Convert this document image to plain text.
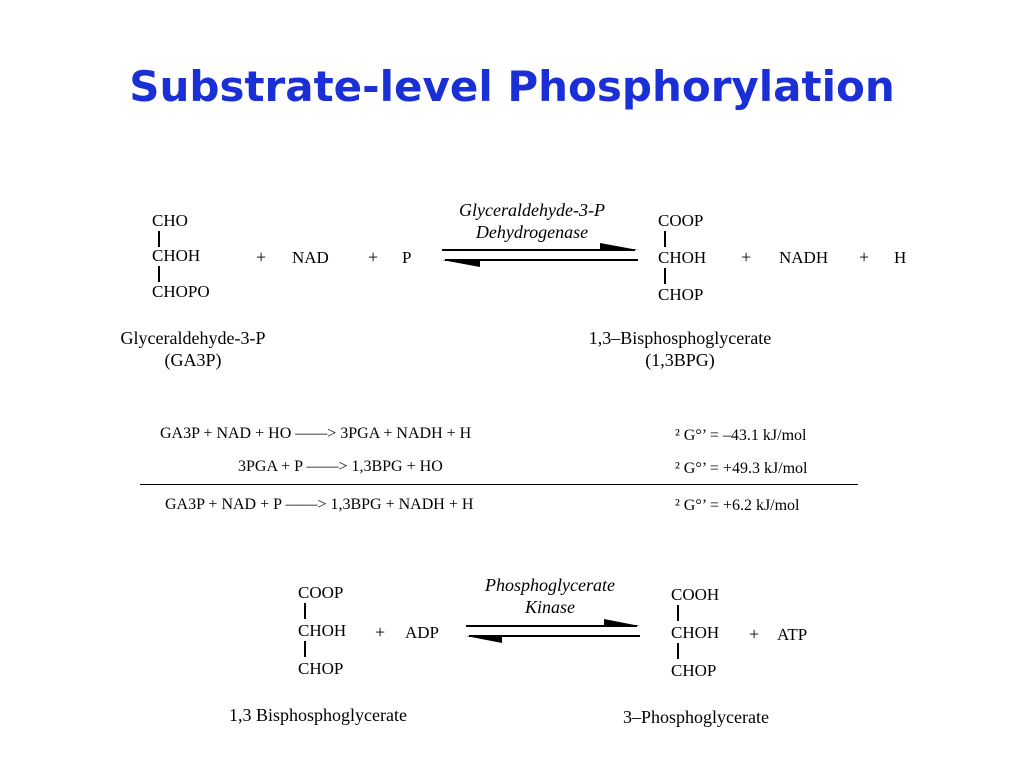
Substrate-level Phosphorylation
CHO
CHOH
CHOPO
+ NAD + P
Glyceraldehyde-3-P
Dehydrogenase
COOP
CHOH
CHOP
+ NADH + H
Glyceraldehyde-3-P
(GA3P)
1,3–Bisphosphoglycerate
(1,3BPG)
GA3P + NAD + HO ——> 3PGA + NADH + H	² G°’ = –43.1 kJ/mol
3PGA + P ——> 1,3BPG + HO	² G°’ = +49.3 kJ/mol
GA3P + NAD + P ——> 1,3BPG + NADH + H	² G°’ = +6.2 kJ/mol
COOP
CHOH
CHOP
+ ADP
Phosphoglycerate
Kinase
COOH
CHOH
CHOP
+ ATP
1,3 Bisphosphoglycerate	3–Phosphoglycerate
